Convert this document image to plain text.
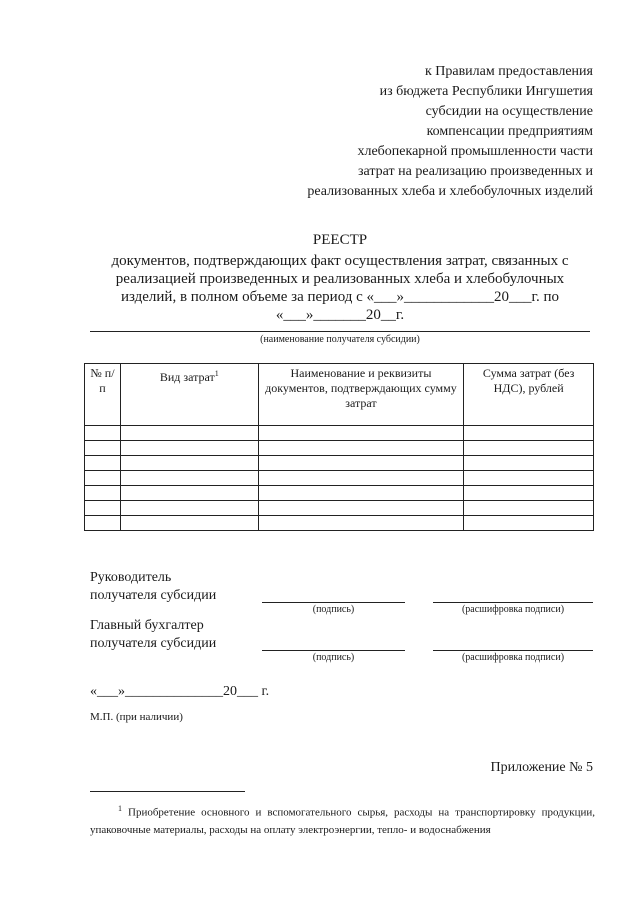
к Правилам предоставления
из бюджета Республики Ингушетия
субсидии на осуществление
компенсации предприятиям
хлебопекарной промышленности части
затрат на реализацию произведенных и
реализованных хлеба и хлебобулочных изделий
РЕЕСТР
документов, подтверждающих факт осуществления затрат, связанных с
реализацией произведенных и реализованных хлеба и хлебобулочных
изделий, в полном объеме за период с «___»____________20___г. по
«___»_______20__г.
(наименование получателя субсидии)
№ п/п	Вид затрат$^1$	Наименование и реквизиты документов, подтверждающих сумму затрат	Сумма затрат (без НДС), рублей

Руководитель
получателя субсидии
(подпись)	(расшифровка подписи)
Главный бухгалтер
получателя субсидии
(подпись)	(расшифровка подписи)
«___»______________20___ г.
М.П. (при наличии)
Приложение № 5
$^1$ Приобретение основного и вспомогательного сырья, расходы на транспортировку продукции, упаковочные материалы, расходы на оплату электроэнергии, тепло- и водоснабжения
